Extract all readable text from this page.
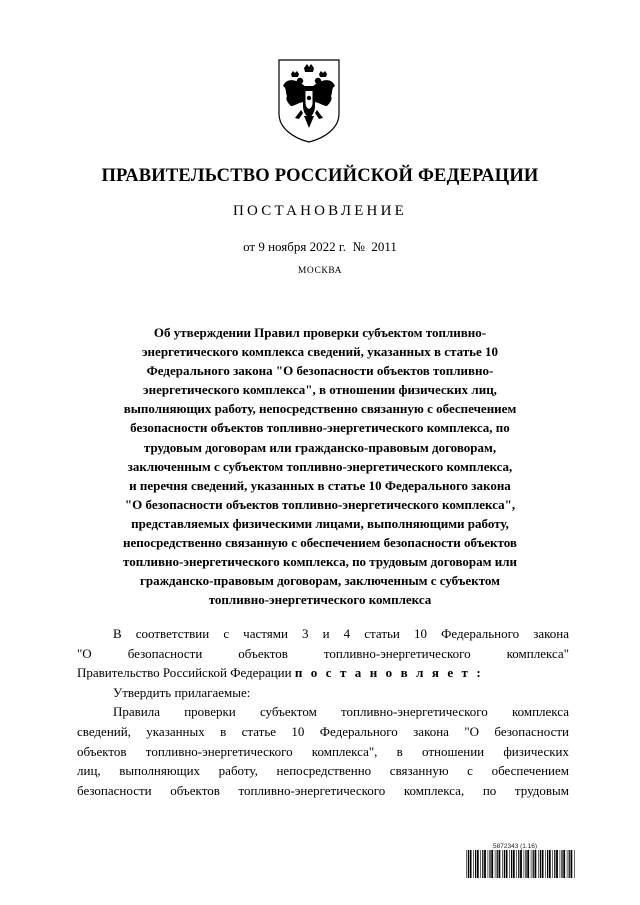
ПРАВИТЕЛЬСТВО РОССИЙСКОЙ ФЕДЕРАЦИИ
ПОСТАНОВЛЕНИЕ
от 9 ноября 2022 г.  №  2011
МОСКВА
Об утверждении Правил проверки субъектом топливно-
энергетического комплекса сведений, указанных в статье 10
Федерального закона "О безопасности объектов топливно-
энергетического комплекса", в отношении физических лиц,
выполняющих работу, непосредственно связанную с обеспечением
безопасности объектов топливно-энергетического комплекса, по
трудовым договорам или гражданско-правовым договорам,
заключенным с субъектом топливно-энергетического комплекса,
и перечня сведений, указанных в статье 10 Федерального закона
"О безопасности объектов топливно-энергетического комплекса",
представляемых физическими лицами, выполняющими работу,
непосредственно связанную с обеспечением безопасности объектов
топливно-энергетического комплекса, по трудовым договорам или
гражданско-правовым договорам, заключенным с субъектом
топливно-энергетического комплекса
В соответствии с частями 3 и 4 статьи 10 Федерального закона
"О безопасности объектов топливно-энергетического комплекса"
Правительство Российской Федерации п о с т а н о в л я е т :
Утвердить прилагаемые:
Правила проверки субъектом топливно-энергетического комплекса
сведений, указанных в статье 10 Федерального закона "О безопасности
объектов топливно-энергетического комплекса", в отношении физических
лиц, выполняющих работу, непосредственно связанную с обеспечением
безопасности объектов топливно-энергетического комплекса, по трудовым
5872343 (1.16)
